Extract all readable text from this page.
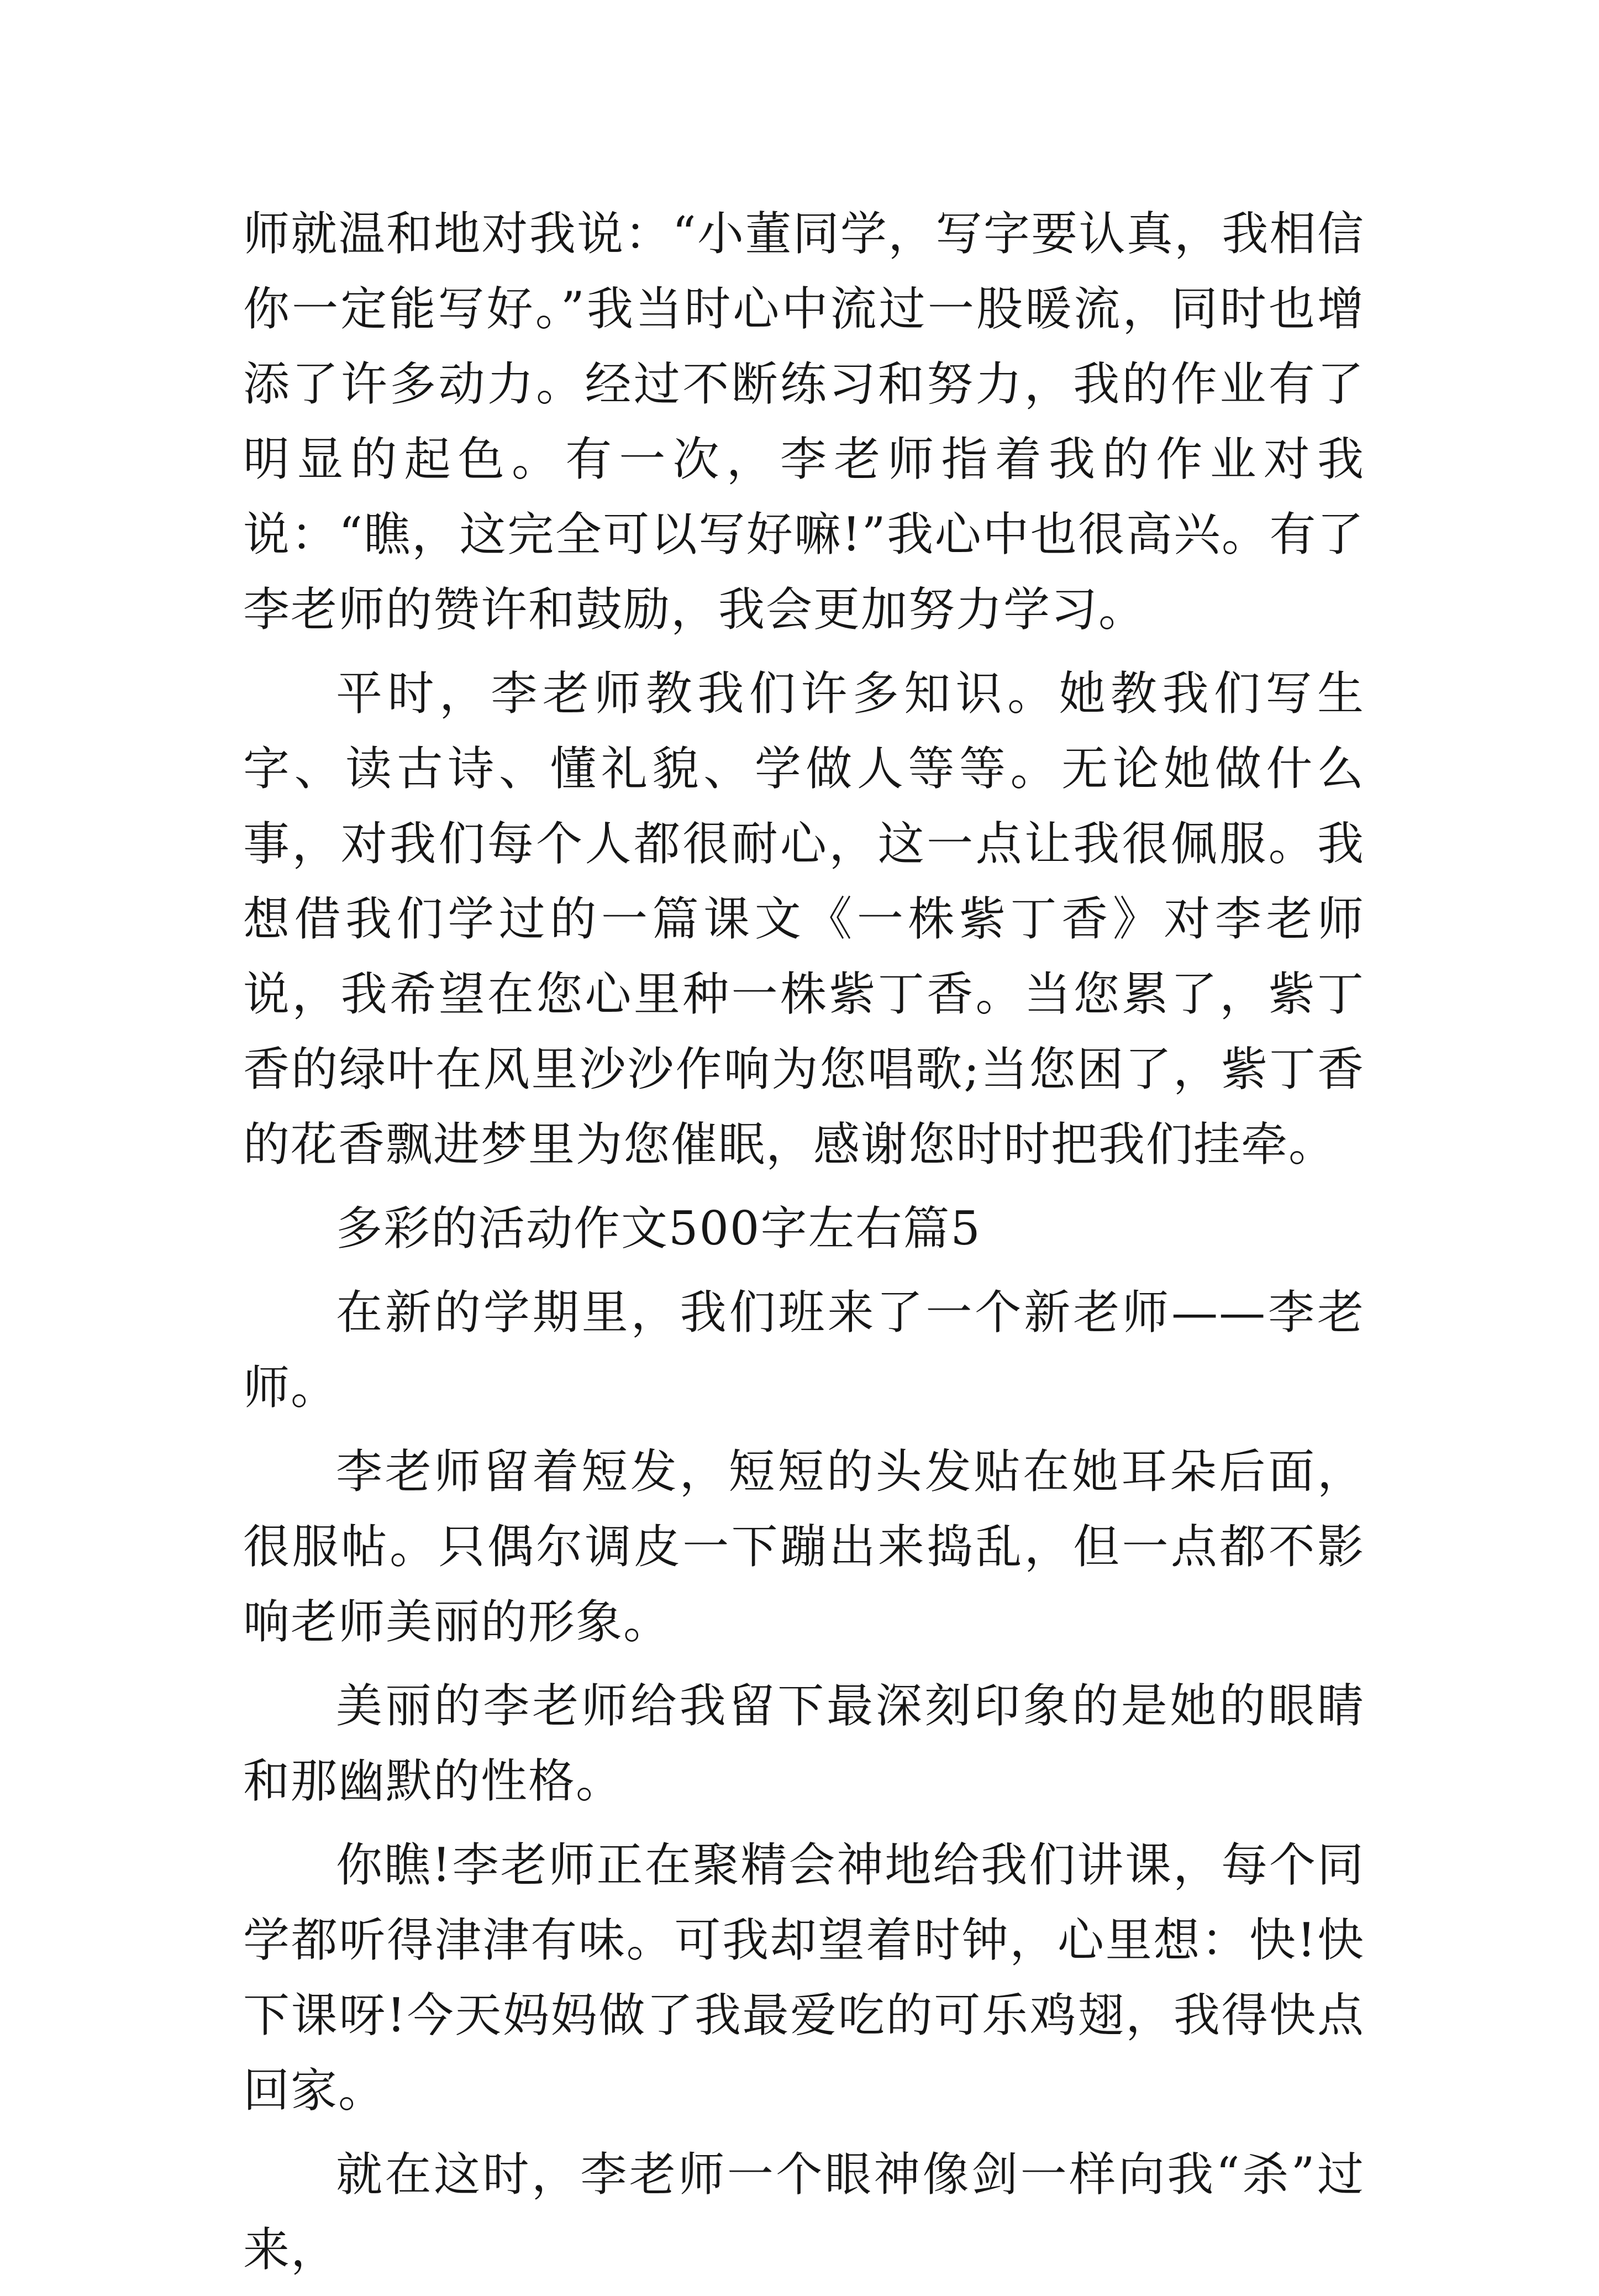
师就温和地对我说：“小董同学，写字要认真，我相信你一定能写好。”我当时心中流过一股暖流，同时也增添了许多动力。经过不断练习和努力，我的作业有了明显的起色。有一次，李老师指着我的作业对我说：“瞧，这完全可以写好嘛!”我心中也很高兴。有了李老师的赞许和鼓励，我会更加努力学习。

平时，李老师教我们许多知识。她教我们写生字、读古诗、懂礼貌、学做人等等。无论她做什么事，对我们每个人都很耐心，这一点让我很佩服。我想借我们学过的一篇课文《一株紫丁香》对李老师说，我希望在您心里种一株紫丁香。当您累了，紫丁香的绿叶在风里沙沙作响为您唱歌;当您困了，紫丁香的花香飘进梦里为您催眠，感谢您时时把我们挂牵。

多彩的活动作文500字左右篇5

在新的学期里，我们班来了一个新老师——李老师。

李老师留着短发，短短的头发贴在她耳朵后面，很服帖。只偶尔调皮一下蹦出来捣乱，但一点都不影响老师美丽的形象。

美丽的李老师给我留下最深刻印象的是她的眼睛和那幽默的性格。

你瞧!李老师正在聚精会神地给我们讲课，每个同学都听得津津有味。可我却望着时钟，心里想：快!快下课呀!今天妈妈做了我最爱吃的可乐鸡翅，我得快点回家。

就在这时，李老师一个眼神像剑一样向我“杀”过来，
